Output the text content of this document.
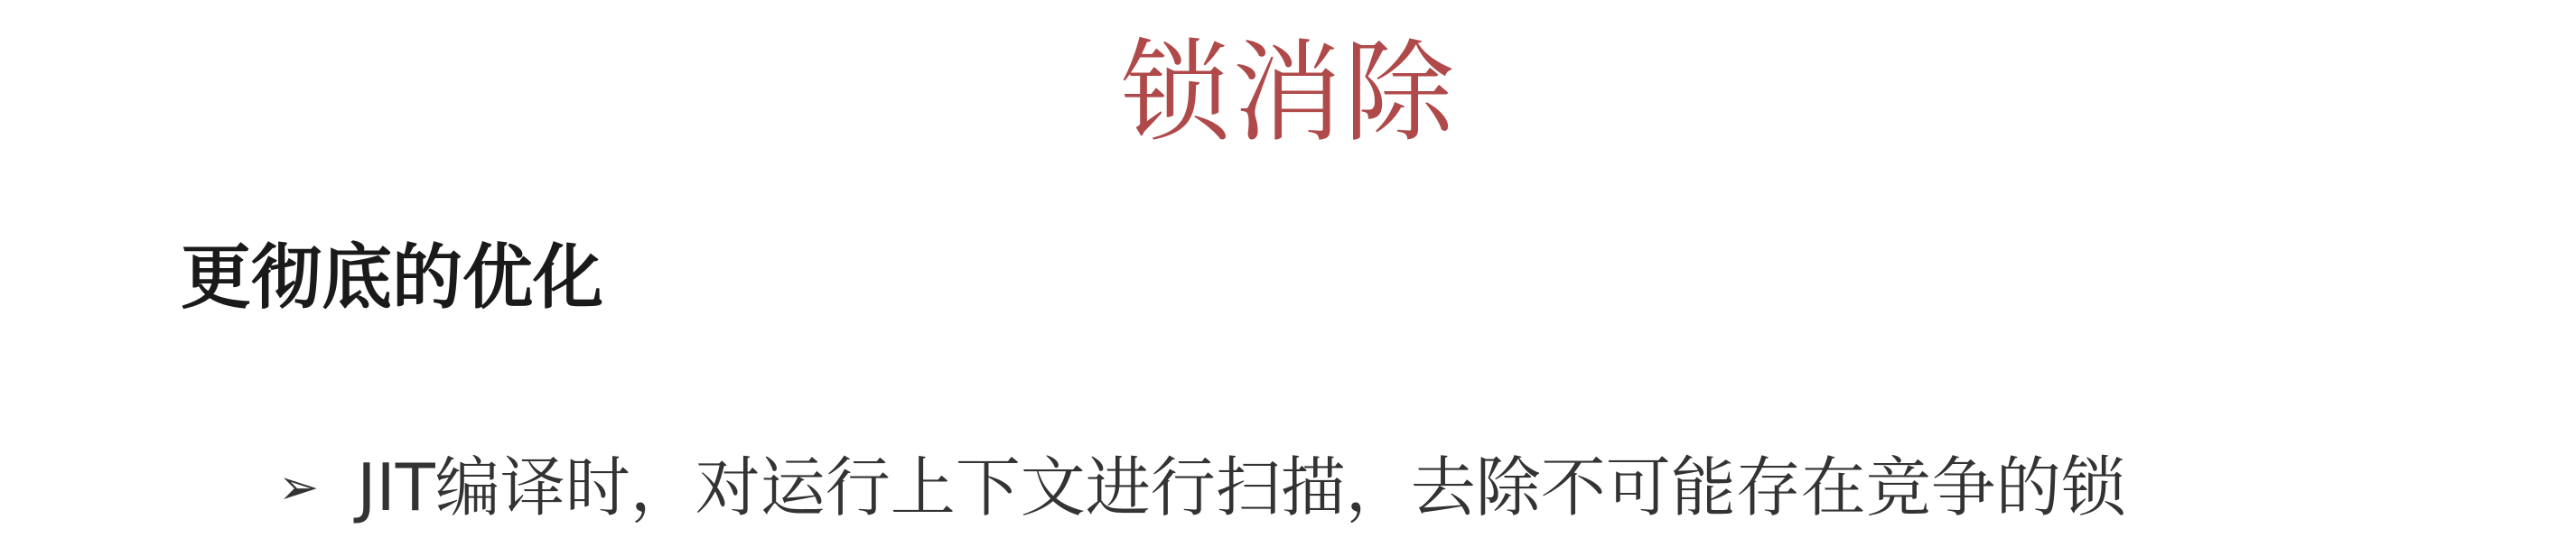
锁消除
更彻底的优化
➢ JIT编译时，对运行上下文进行扫描，去除不可能存在竞争的锁
